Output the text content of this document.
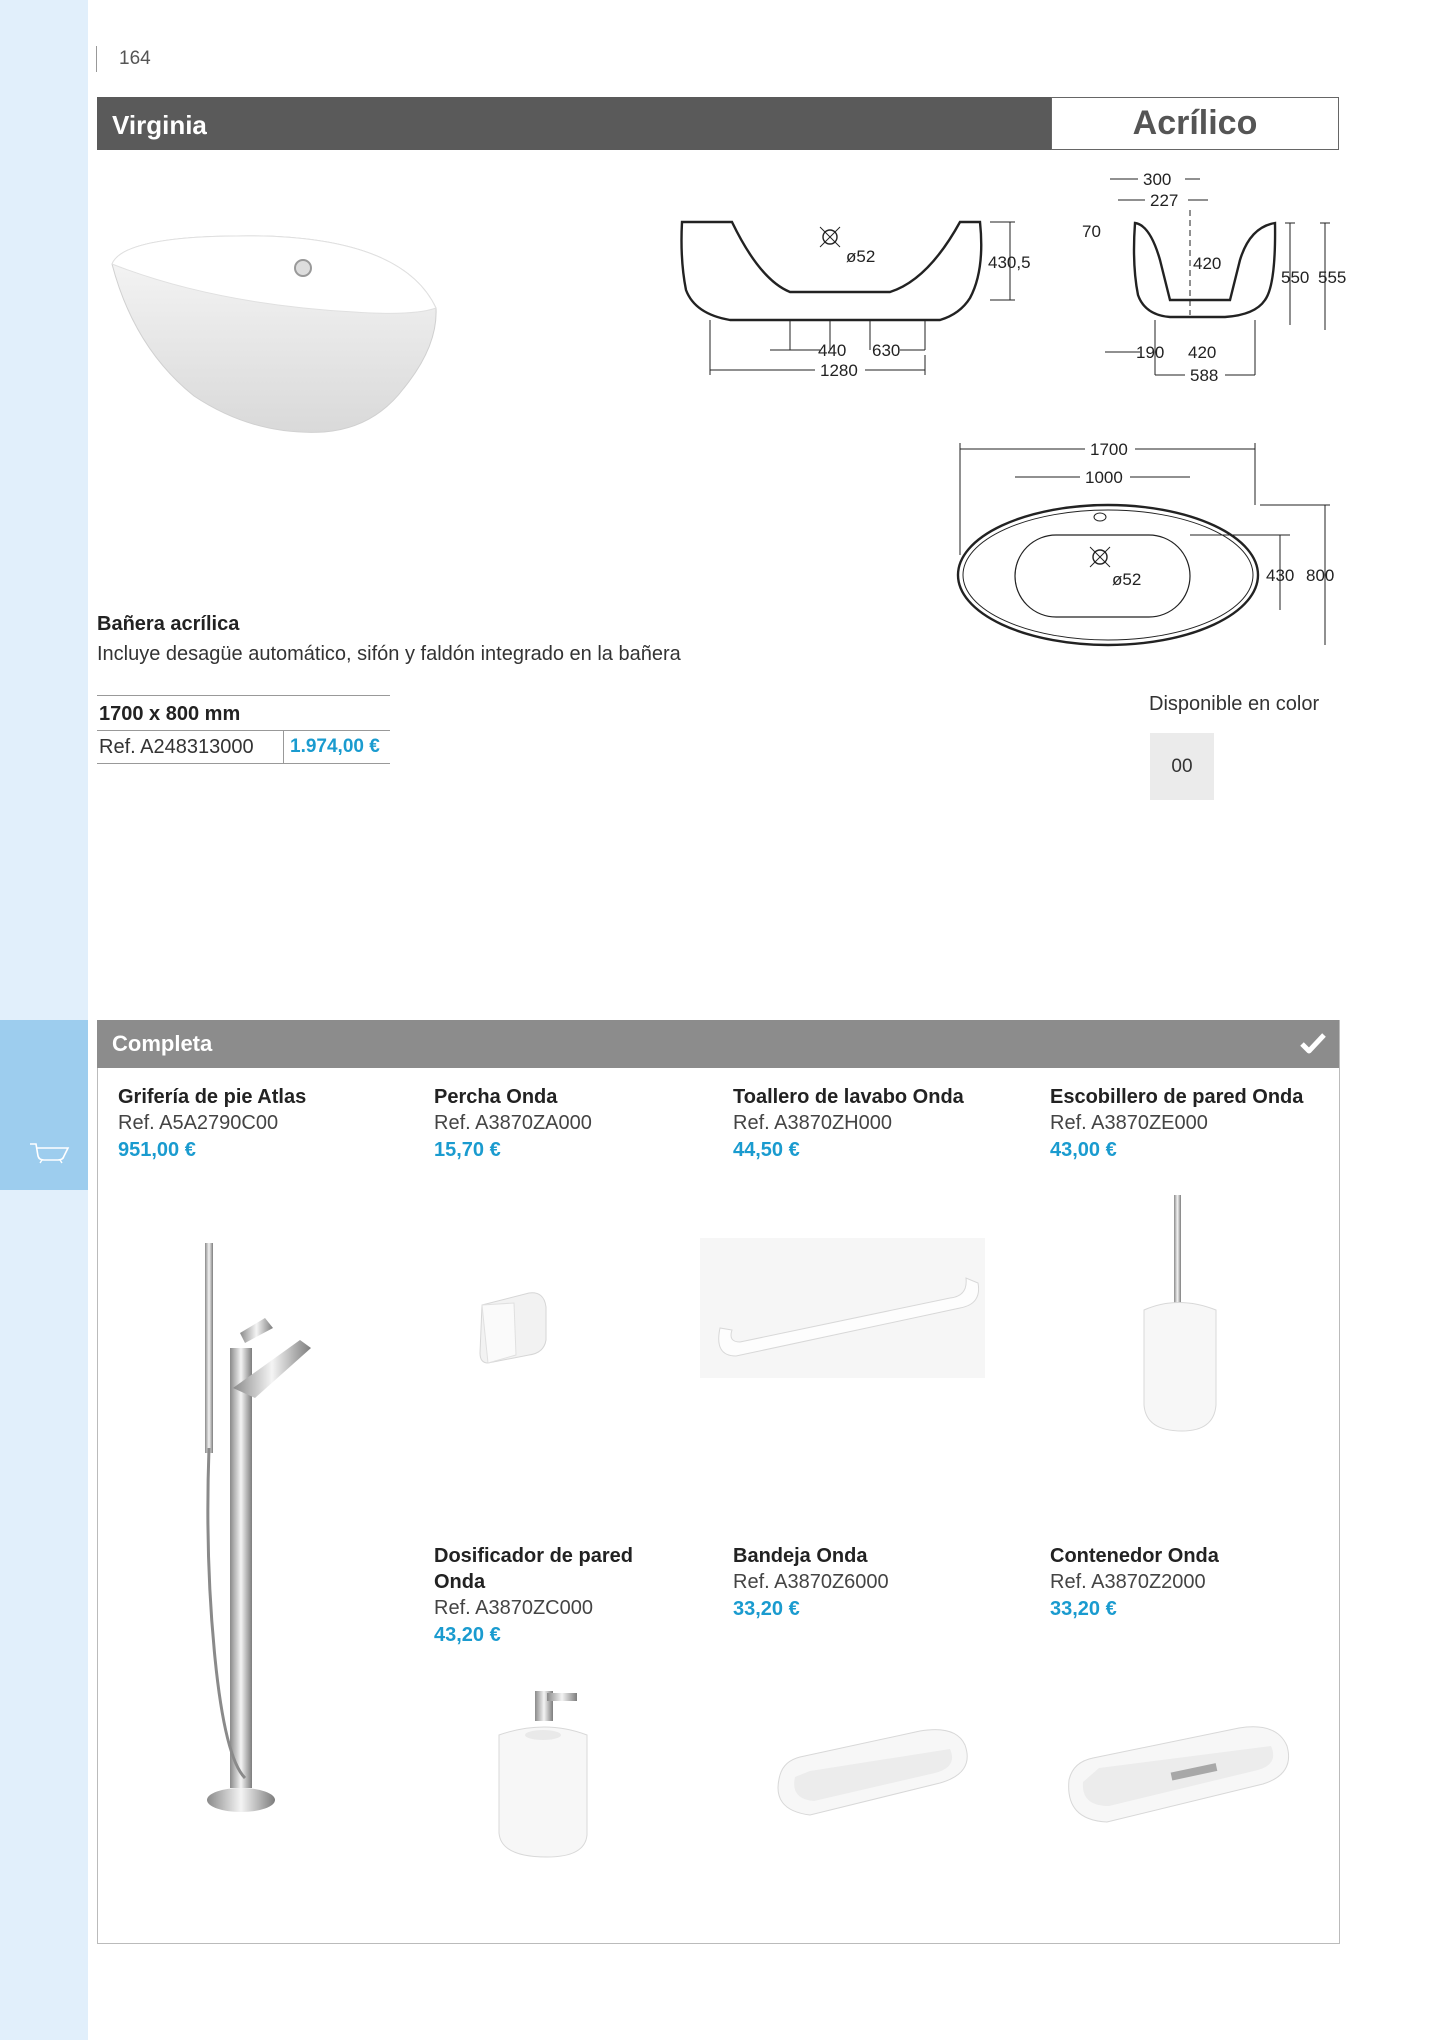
164
Virginia	Acrílico
ø52	430,5
440 630
1280
300
227
70
420
550 555
190 420
588
1700
1000
ø52	430 800
Bañera acrílica
Incluye desagüe automático, sifón y faldón integrado en la bañera
1700 x 800 mm
Ref. A248313000	1.974,00 €
Disponible en color
00
Completa
Grifería de pie Atlas
Ref. A5A2790C00
951,00 €
Percha Onda
Ref. A3870ZA000
15,70 €
Toallero de lavabo Onda
Ref. A3870ZH000
44,50 €
Escobillero de pared Onda
Ref. A3870ZE000
43,00 €
Dosificador de pared Onda
Ref. A3870ZC000
43,20 €
Bandeja Onda
Ref. A3870Z6000
33,20 €
Contenedor Onda
Ref. A3870Z2000
33,20 €
